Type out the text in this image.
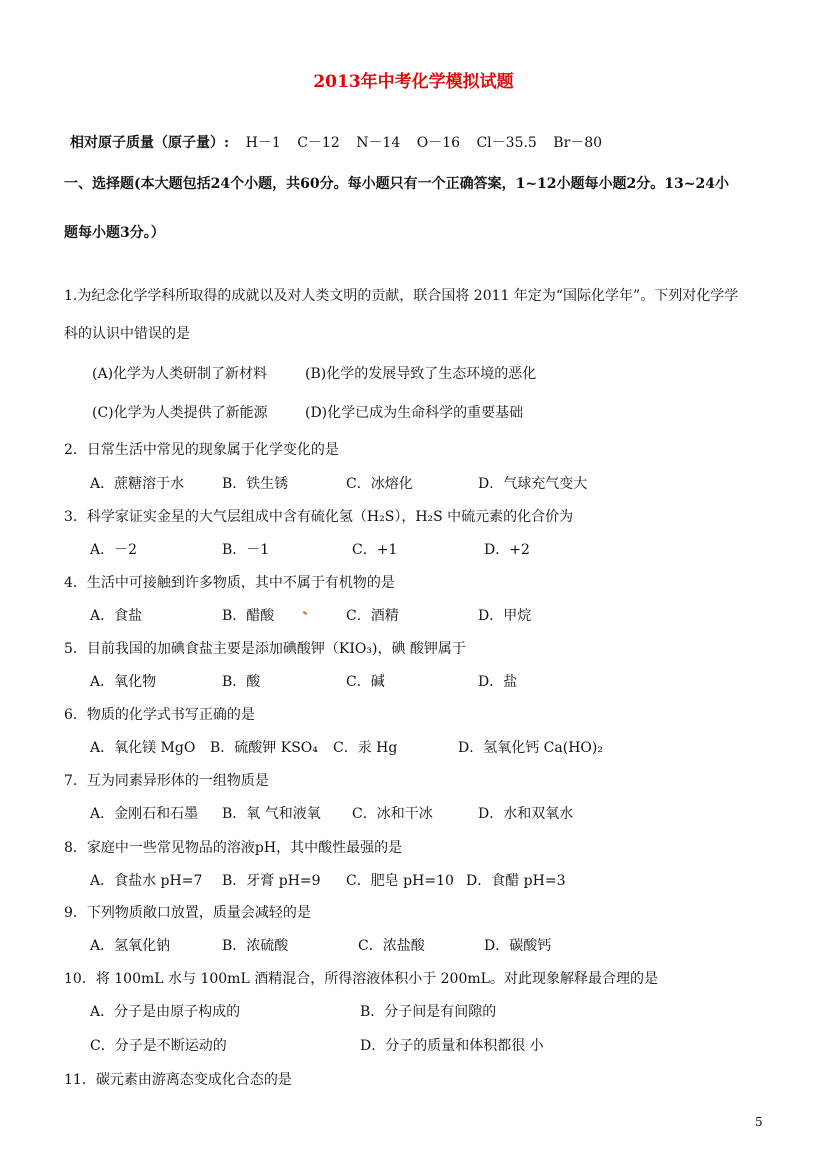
2013年中考化学模拟试题
相对原子质量（原子量）: H－1 C－12 N－14 O－16 Cl－35.5 Br－80
一、选择题(本大题包括24个小题，共60分。每小题只有一个正确答案，1~12小题每小题2分。13~24小
题每小题3分。）
1.为纪念化学学科所取得的成就以及对人类文明的贡献，联合国将 2011 年定为“国际化学年”。下列对化学学
科的认识中错误的是
(A)化学为人类研制了新材料	(B)化学的发展导致了生态环境的恶化
(C)化学为人类提供了新能源	(D)化学已成为生命科学的重要基础
2．日常生活中常见的现象属于化学变化的是
A．蔗糖溶于水	B．铁生锈	C．冰熔化	D．气球充气变大
3．科学家证实金星的大气层组成中含有硫化氢（H₂S），H₂S 中硫元素的化合价为
A．－2	B．－1	C．+1	D．+2
4．生活中可接触到许多物质，其中不属于有机物的是
A．食盐	B．醋酸	C．酒精	D．甲烷
5．目前我国的加碘食盐主要是添加碘酸钾（KIO₃)，碘 酸钾属于
A．氧化物	B．酸	C．碱	D．盐
6．物质的化学式书写正确的是
A．氧化镁 MgO B．硫酸钾 KSO₄ C．汞 Hg	D．氢氧化钙 Ca(HO)₂
7．互为同素异形体的一组物质是
A．金刚石和石墨 B．氧 气和液氧 C．冰和干冰	D．水和双氧水
8．家庭中一些常见物品的溶液pH，其中酸性最强的是
A．食盐水 pH=7 B．牙膏 pH=9 C．肥皂 pH=10 D．食醋 pH=3
9．下列物质敞口放置，质量会减轻的是
A．氢氧化钠	B．浓硫酸	C．浓盐酸	D．碳酸钙
10．将 100mL 水与 100mL 酒精混合，所得溶液体积小于 200mL。对此现象解释最合理的是
A．分子是由原子构成的	B．分子间是有间隙的
C．分子是不断运动的	D．分子的质量和体积都很 小
11．碳元素由游离态变成化合态的是
5
